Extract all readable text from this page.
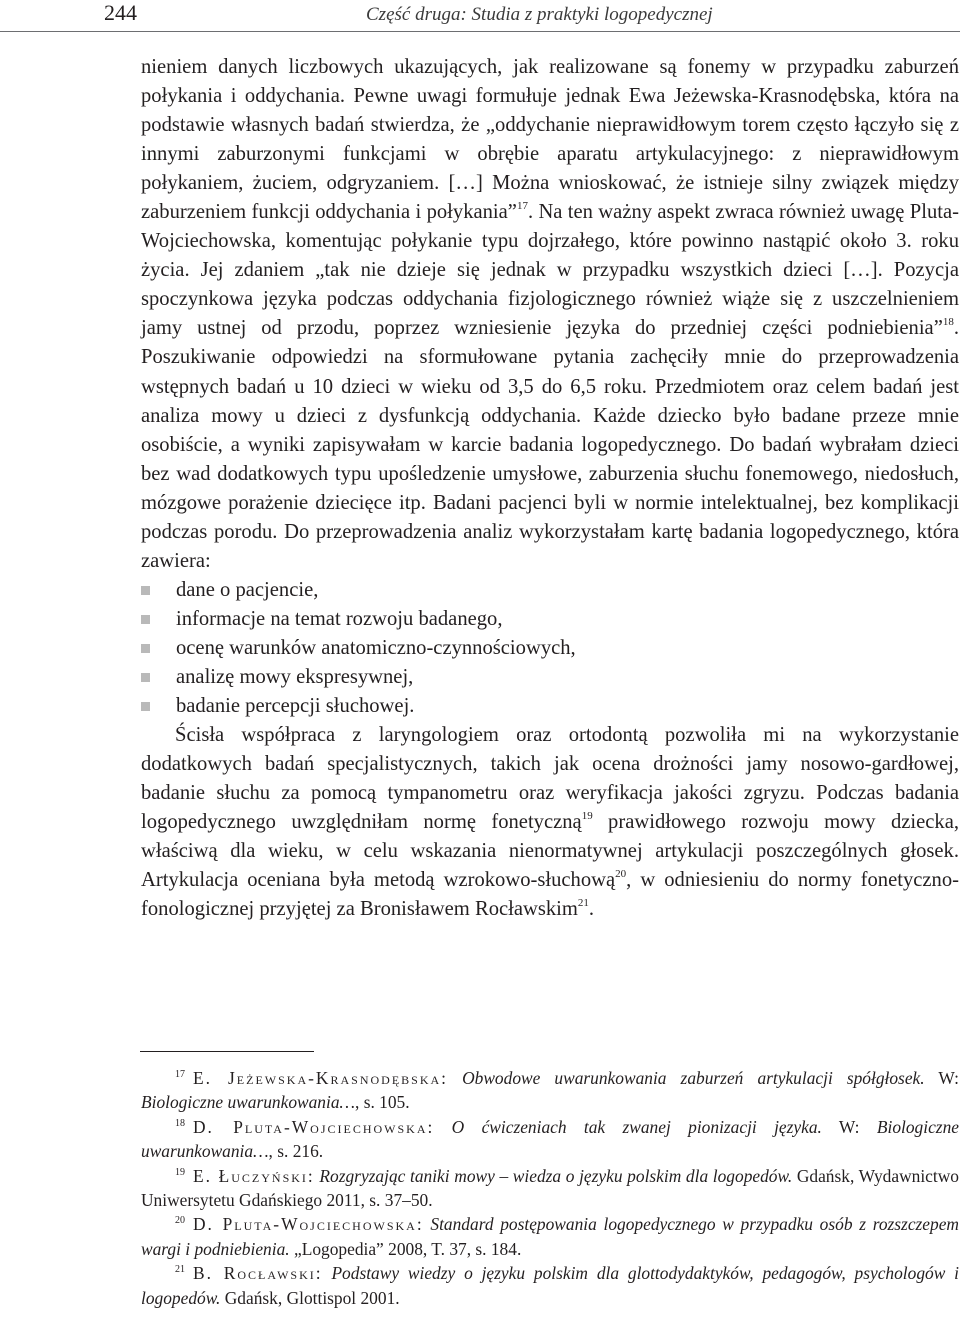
244	Część druga: Studia z praktyki logopedycznej

nieniem danych liczbowych ukazujących, jak realizowane są fonemy w przypadku zaburzeń połykania i oddychania. Pewne uwagi formułuje jednak Ewa Jeżewska-Krasnodębska, która na podstawie własnych badań stwierdza, że „oddychanie nieprawidłowym torem często łączyło się z innymi zaburzonymi funkcjami w obrębie aparatu artykulacyjnego: z nieprawidłowym połykaniem, żuciem, odgryzaniem. […] Można wnioskować, że istnieje silny związek między zaburzeniem funkcji oddychania i połykania”$^{17}$. Na ten ważny aspekt zwraca również uwagę Pluta-Wojciechowska, komentując połykanie typu dojrzałego, które powinno nastąpić około 3. roku życia. Jej zdaniem „tak nie dzieje się jednak w przypadku wszystkich dzieci […]. Pozycja spoczynkowa języka podczas oddychania fizjologicznego również wiąże się z uszczelnieniem jamy ustnej od przodu, poprzez wzniesienie języka do przedniej części podniebienia”$^{18}$. Poszukiwanie odpowiedzi na sformułowane pytania zachęciły mnie do przeprowadzenia wstępnych badań u 10 dzieci w wieku od 3,5 do 6,5 roku. Przedmiotem oraz celem badań jest analiza mowy u dzieci z dysfunkcją oddychania. Każde dziecko było badane przeze mnie osobiście, a wyniki zapisywałam w karcie badania logopedycznego. Do badań wybrałam dzieci bez wad dodatkowych typu upośledzenie umysłowe, zaburzenia słuchu fonemowego, niedosłuch, mózgowe porażenie dziecięce itp. Badani pacjenci byli w normie intelektualnej, bez komplikacji podczas porodu. Do przeprowadzenia analiz wykorzystałam kartę badania logopedycznego, która zawiera:

dane o pacjencie,
informacje na temat rozwoju badanego,
ocenę warunków anatomiczno-czynnościowych,
analizę mowy ekspresywnej,
badanie percepcji słuchowej.

Ścisła współpraca z laryngologiem oraz ortodontą pozwoliła mi na wykorzystanie dodatkowych badań specjalistycznych, takich jak ocena drożności jamy nosowo-gardłowej, badanie słuchu za pomocą tympanometru oraz weryfikacja jakości zgryzu. Podczas badania logopedycznego uwzględniłam normę fonetyczną$^{19}$ prawidłowego rozwoju mowy dziecka, właściwą dla wieku, w celu wskazania nienormatywnej artykulacji poszczególnych głosek. Artykulacja oceniana była metodą wzrokowo-słuchową$^{20}$, w odniesieniu do normy fonetyczno-fonologicznej przyjętej za Bronisławem Rocławskim$^{21}$.

$^{17}$ E. Jeżewska-Krasnodębska: Obwodowe uwarunkowania zaburzeń artykulacji spółgłosek. W: Biologiczne uwarunkowania…, s. 105.

$^{18}$ D. Pluta-Wojciechowska: O ćwiczeniach tak zwanej pionizacji języka. W: Biologiczne uwarunkowania…, s. 216.

$^{19}$ E. Łuczyński: Rozgryzając taniki mowy – wiedza o języku polskim dla logopedów. Gdańsk, Wydawnictwo Uniwersytetu Gdańskiego 2011, s. 37–50.

$^{20}$ D. Pluta-Wojciechowska: Standard postępowania logopedycznego w przypadku osób z rozszczepem wargi i podniebienia. „Logopedia” 2008, T. 37, s. 184.

$^{21}$ B. Rocławski: Podstawy wiedzy o języku polskim dla glottodydaktyków, pedagogów, psychologów i logopedów. Gdańsk, Glottispol 2001.
